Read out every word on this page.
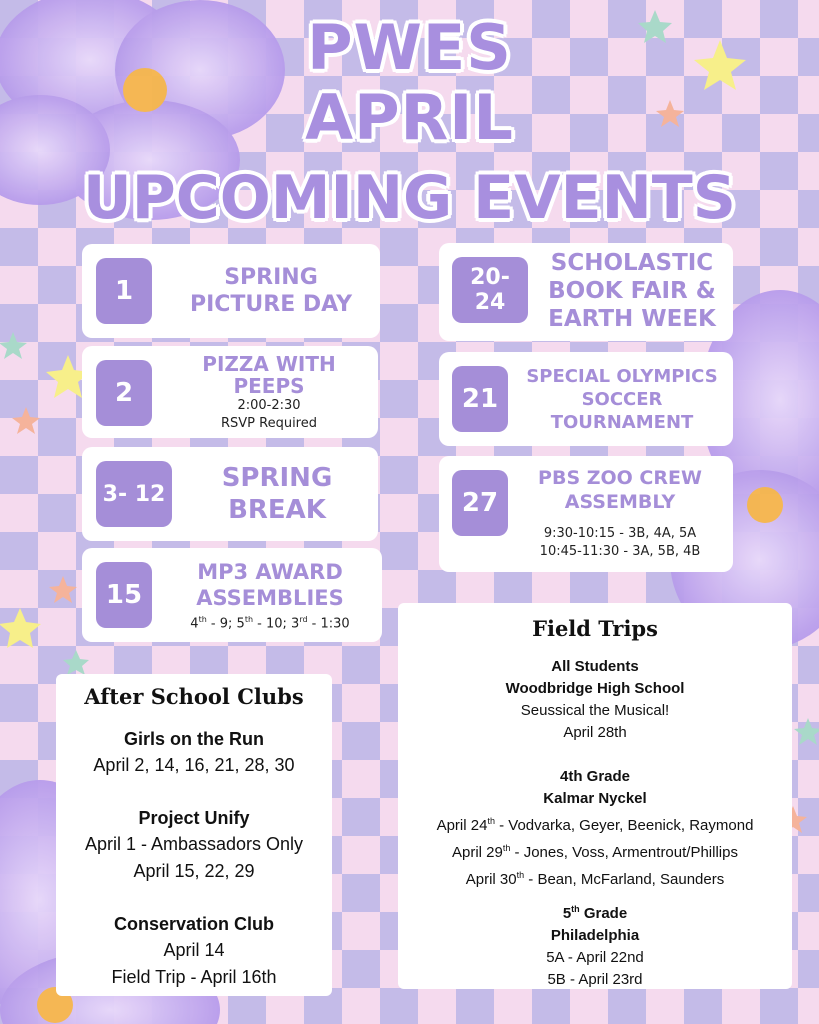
PWES
APRIL
UPCOMING EVENTS
1	SPRING
PICTURE DAY
2
PIZZA WITH
PEEPS
2:00-2:30
RSVP Required
3- 12
SPRING
BREAK
15
MP3 AWARD
ASSEMBLIES
4th - 9; 5th - 10; 3rd - 1:30
20-
24
SCHOLASTIC
BOOK FAIR &
EARTH WEEK
21
SPECIAL OLYMPICS
SOCCER
TOURNAMENT
27
PBS ZOO CREW
ASSEMBLY
9:30-10:15 - 3B, 4A, 5A
10:45-11:30 - 3A, 5B, 4B
After School Clubs
Girls on the Run
April 2, 14, 16, 21, 28, 30
Project Unify
April 1 - Ambassadors Only
April 15, 22, 29
Conservation Club
April 14
Field Trip - April 16th
Field Trips
All Students
Woodbridge High School
Seussical the Musical!
April 28th
4th Grade
Kalmar Nyckel
April 24th - Vodvarka, Geyer, Beenick, Raymond
April 29th - Jones, Voss, Armentrout/Phillips
April 30th - Bean, McFarland, Saunders
5th Grade
Philadelphia
5A - April 22nd
5B - April 23rd
